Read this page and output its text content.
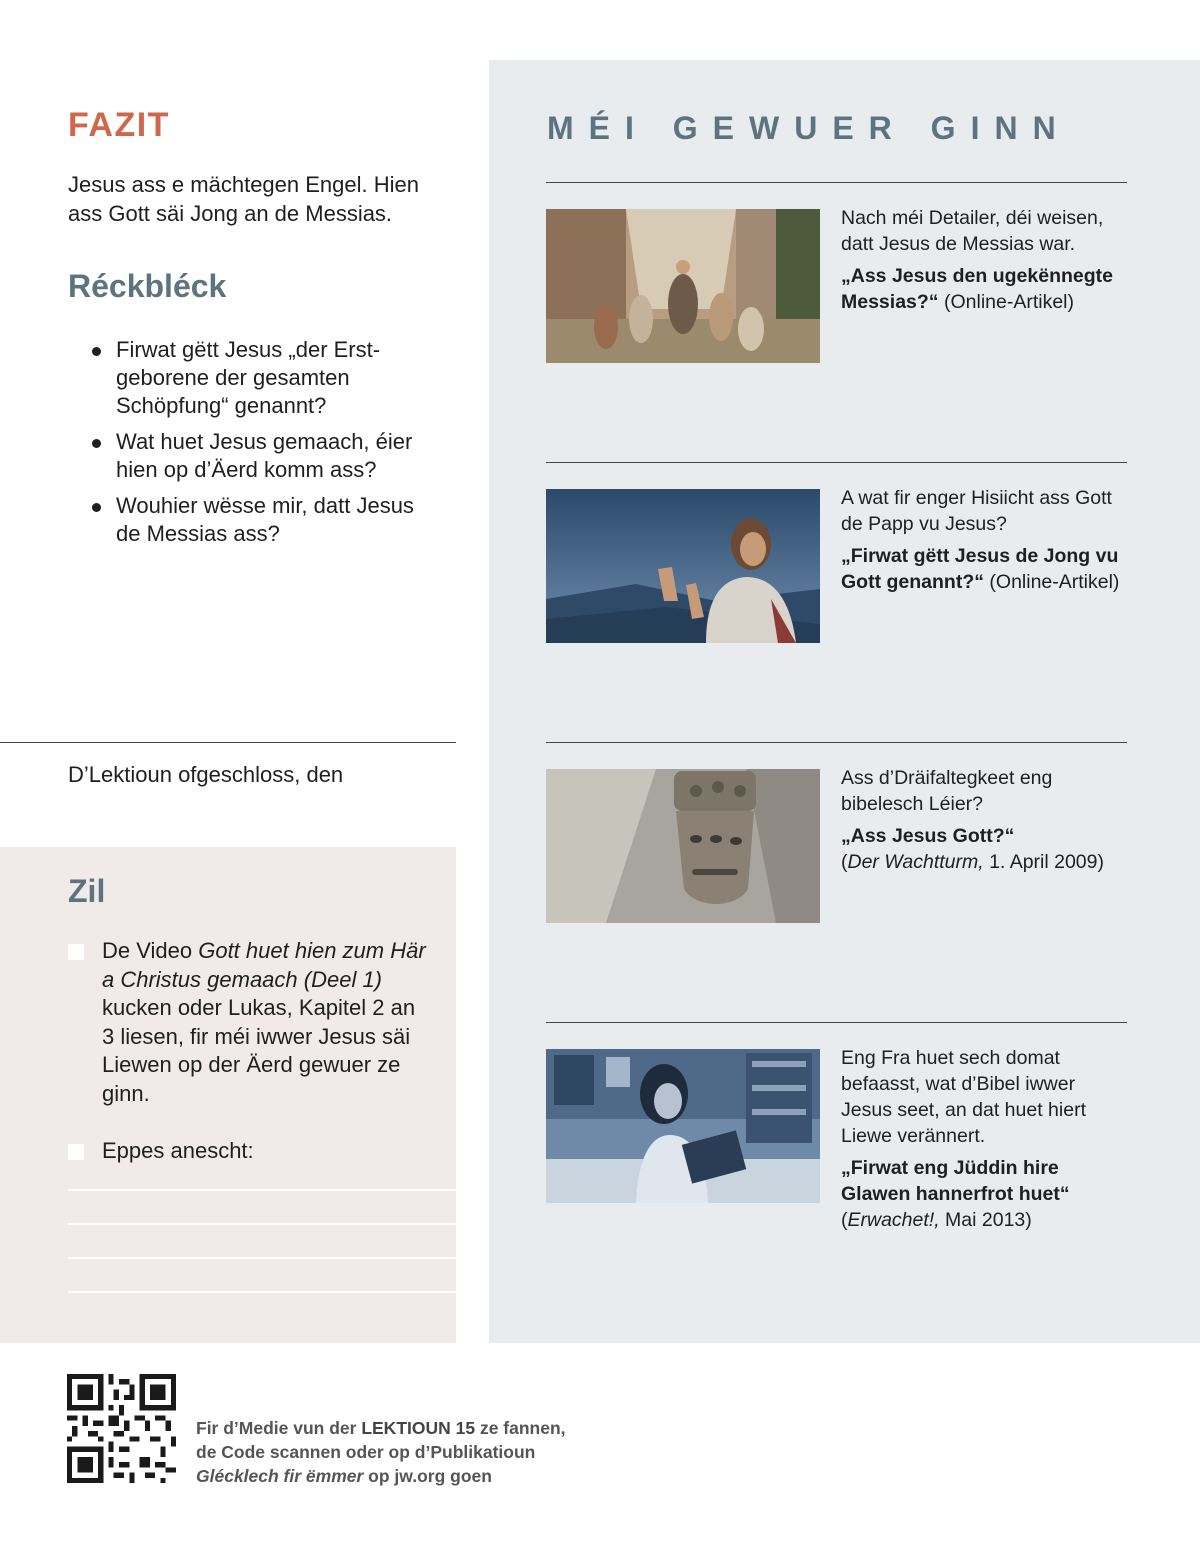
FAZIT

Jesus ass e mächtegen Engel. Hien ass Gott säi Jong an de Messias.

Réckbléck
Firwat gëtt Jesus „der Erstgeborene der gesamten Schöpfung“ genannt?
Wat huet Jesus gemaach, éier hien op d’Äerd komm ass?
Wouhier wësse mir, datt Jesus de Messias ass?

D’Lektioun ofgeschloss, den

Zil
De Video Gott huet hien zum Här a Christus gemaach (Deel 1) kucken oder Lukas, Kapitel 2 an 3 liesen, fir méi iwwer Jesus säi Liewen op der Äerd gewuer ze ginn.
Eppes anescht:
MÉI GEWUER GINN

Nach méi Detailer, déi weisen, datt Jesus de Messias war.

„Ass Jesus den ugekënnegte Messias?“ (Online-Artikel)

A wat fir enger Hisiicht ass Gott de Papp vu Jesus?

„Firwat gëtt Jesus de Jong vu Gott genannt?“ (Online-Artikel)

Ass d’Dräifaltegkeet eng bibelesch Léier?

„Ass Jesus Gott?“
(Der Wachtturm, 1. April 2009)

Eng Fra huet sech domat befaasst, wat d’Bibel iwwer Jesus seet, an dat huet hiert Liewe verännert.

„Firwat eng Jüddin hire Glawen hannerfrot huet“
(Erwachet!, Mai 2013)

Fir d’Medie vun der LEKTIOUN 15 ze fannen,
de Code scannen oder op d’Publikatioun
Glécklech fir ëmmer op jw.org goen
